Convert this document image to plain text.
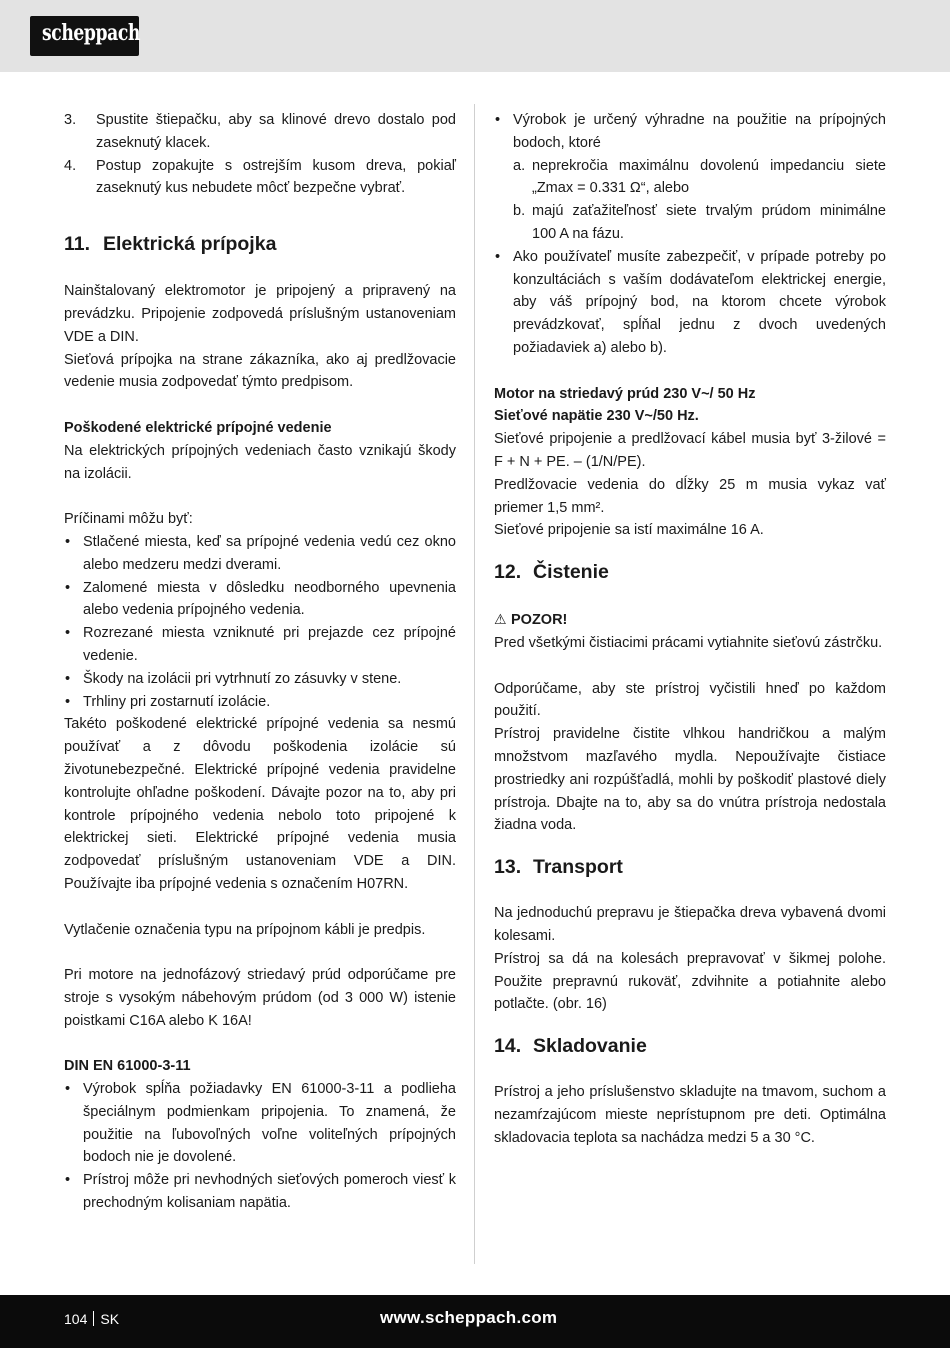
scheppach
3. Spustite štiepačku, aby sa klinové drevo dostalo pod zaseknutý klacek.

4. Postup zopakujte s ostrejším kusom dreva, pokiaľ zaseknutý kus nebudete môcť bezpečne vybrať.

11. Elektrická prípojka

Nainštalovaný elektromotor je pripojený a pripravený na prevádzku. Pripojenie zodpovedá príslušným ustanoveniam VDE a DIN.

Sieťová prípojka na strane zákazníka, ako aj predlžovacie vedenie musia zodpovedať týmto predpisom.

Poškodené elektrické prípojné vedenie

Na elektrických prípojných vedeniach často vznikajú škody na izolácii.

Príčinami môžu byť:

• Stlačené miesta, keď sa prípojné vedenia vedú cez okno alebo medzeru medzi dverami.
• Zalomené miesta v dôsledku neodborného upevnenia alebo vedenia prípojného vedenia.
• Rozrezané miesta vzniknuté pri prejazde cez prípojné vedenie.
• Škody na izolácii pri vytrhnutí zo zásuvky v stene.
• Trhliny pri zostarnutí izolácie.

Takéto poškodené elektrické prípojné vedenia sa nesmú používať a z dôvodu poškodenia izolácie sú životunebezpečné. Elektrické prípojné vedenia pravidelne kontrolujte ohľadne poškodení. Dávajte pozor na to, aby pri kontrole prípojného vedenia nebolo toto pripojené k elektrickej sieti. Elektrické prípojné vedenia musia zodpovedať príslušným ustanoveniam VDE a DIN. Používajte iba prípojné vedenia s označením H07RN.

Vytlačenie označenia typu na prípojnom kábli je predpis.

Pri motore na jednofázový striedavý prúd odporúčame pre stroje s vysokým nábehovým prúdom (od 3 000 W) istenie poistkami C16A alebo K 16A!

DIN EN 61000-3-11

• Výrobok spĺňa požiadavky EN 61000-3-11 a podlieha špeciálnym podmienkam pripojenia. To znamená, že použitie na ľubovoľných voľne voliteľných prípojných bodoch nie je dovolené.
• Prístroj môže pri nevhodných sieťových pomeroch viesť k prechodným kolisaniam napätia.
• Výrobok je určený výhradne na použitie na prípojných bodoch, ktoré
a. neprekročia maximálnu dovolenú impedanciu siete „Zmax = 0.331 Ω“, alebo
b. majú zaťažiteľnosť siete trvalým prúdom minimálne 100 A na fázu.
• Ako používateľ musíte zabezpečiť, v prípade potreby po konzultáciách s vaším dodávateľom elektrickej energie, aby váš prípojný bod, na ktorom chcete výrobok prevádzkovať, spĺňal jednu z dvoch uvedených požiadaviek a) alebo b).

Motor na striedavý prúd 230 V~/ 50 Hz

Sieťové napätie 230 V~/50 Hz.

Sieťové pripojenie a predlžovací kábel musia byť 3-žilové = F + N + PE. – (1/N/PE).

Predlžovacie vedenia do dĺžky 25 m musia vykaz vať priemer 1,5 mm².

Sieťové pripojenie sa istí maximálne 16 A.

12. Čistenie

⚠ POZOR!

Pred všetkými čistiacimi prácami vytiahnite sieťovú zástrčku.

Odporúčame, aby ste prístroj vyčistili hneď po každom použití.

Prístroj pravidelne čistite vlhkou handričkou a malým množstvom mazľavého mydla. Nepoužívajte čistiace prostriedky ani rozpúšťadlá, mohli by poškodiť plastové diely prístroja. Dbajte na to, aby sa do vnútra prístroja nedostala žiadna voda.

13. Transport

Na jednoduchú prepravu je štiepačka dreva vybavená dvomi kolesami.

Prístroj sa dá na kolesách prepravovať v šikmej polohe. Použite prepravnú rukoväť, zdvihnite a potiahnite alebo potlačte. (obr. 16)

14. Skladovanie

Prístroj a jeho príslušenstvo skladujte na tmavom, suchom a nezamŕzajúcom mieste neprístupnom pre deti. Optimálna skladovacia teplota sa nachádza medzi 5 a 30 °C.

104 SK	www.scheppach.com
